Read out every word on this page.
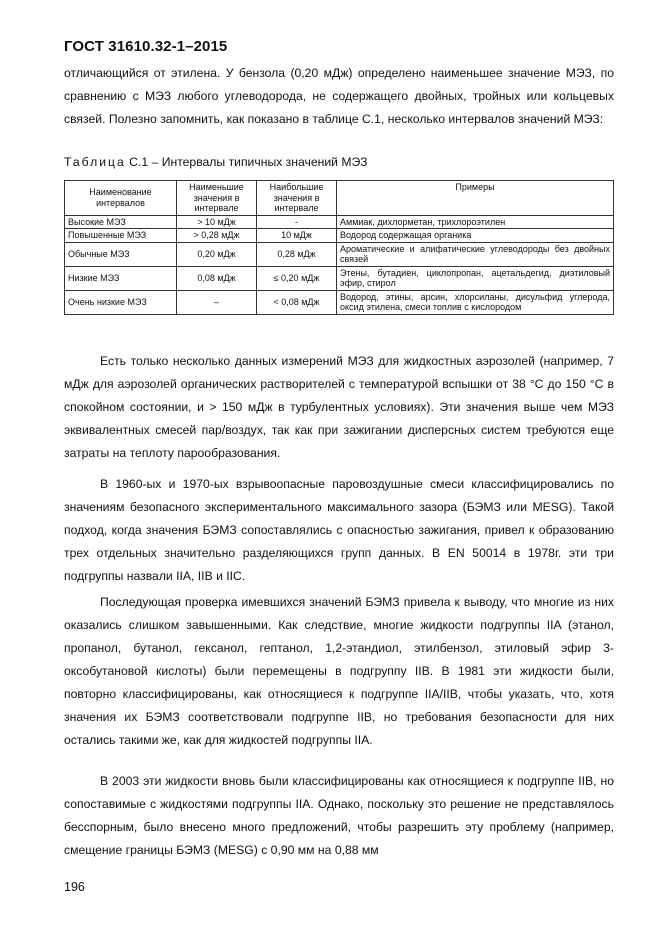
ГОСТ 31610.32-1–2015

отличающийся от этилена. У бензола (0,20 мДж) определено наименьшее значение МЭЗ, по сравнению с МЭЗ любого углеводорода, не содержащего двойных, тройных или кольцевых связей. Полезно запомнить, как показано в таблице С.1, несколько интервалов значений МЭЗ:

Таблица С.1 – Интервалы типичных значений МЭЗ
Наименование интервалов	Наименьшие значения в интервале	Наибольшие значения в интервале	Примеры
Высокие МЭЗ	> 10 мДж	-	Аммиак, дихлорметан, трихлороэтилен
Повышенные МЭЗ	> 0,28 мДж	10 мДж	Водород содержащая органика
Обычные МЭЗ	0,20 мДж	0,28 мДж	Ароматические и алифатические углеводороды без двойных связей
Низкие МЭЗ	0,08 мДж	≤ 0,20 мДж	Этены, бутадиен, циклопропан, ацетальдегид, диэтиловый эфир, стирол
Очень низкие МЭЗ	–	< 0,08 мДж	Водород, этины, арсин, хлорсиланы, дисульфид углерода, оксид этилена, смеси топлив с кислородом

Есть только несколько данных измерений МЭЗ для жидкостных аэрозолей (например, 7 мДж для аэрозолей органических растворителей с температурой вспышки от 38 °С до 150 °С в спокойном состоянии, и > 150 мДж в турбулентных условиях). Эти значения выше чем МЭЗ эквивалентных смесей пар/воздух, так как при зажигании дисперсных систем требуются еще затраты на теплоту парообразования.

В 1960-ых и 1970-ых взрывоопасные паровоздушные смеси классифицировались по значениям безопасного экспериментального максимального зазора (БЭМЗ или MESG). Такой подход, когда значения БЭМЗ сопоставлялись с опасностью зажигания, привел к образованию трех отдельных значительно разделяющихся групп данных. В EN 50014 в 1978г. эти три подгруппы назвали IIA, IIB и IIC.

Последующая проверка имевшихся значений БЭМЗ привела к выводу, что многие из них оказались слишком завышенными. Как следствие, многие жидкости подгруппы IIA (этанол, пропанол, бутанол, гексанол, гептанол, 1,2-этандиол, этилбензол, этиловый эфир 3-оксобутановой кислоты) были перемещены в подгруппу IIB. В 1981 эти жидкости были, повторно классифицированы, как относящиеся к подгруппе IIA/IIB, чтобы указать, что, хотя значения их БЭМЗ соответствовали подгруппе IIB, но требования безопасности для них остались такими же, как для жидкостей подгруппы IIA.

В 2003 эти жидкости вновь были классифицированы как относящиеся к подгруппе IIB, но сопоставимые с жидкостями подгруппы IIA. Однако, поскольку это решение не представлялось бесспорным, было внесено много предложений, чтобы разрешить эту проблему (например, смещение границы БЭМЗ (MESG) с 0,90 мм на 0,88 мм

196
